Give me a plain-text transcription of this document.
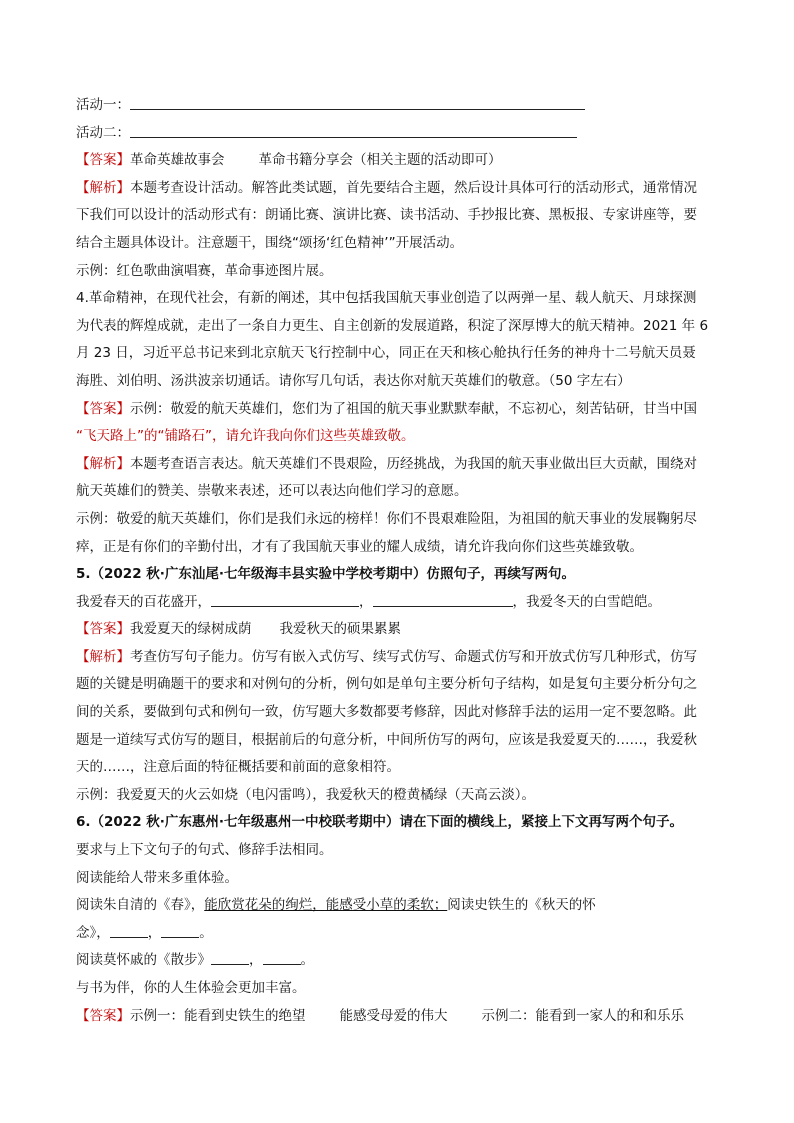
活动一：
活动二：
【答案】革命英雄故事会	革命书籍分享会（相关主题的活动即可）
【解析】本题考查设计活动。解答此类试题，首先要结合主题，然后设计具体可行的活动形式，通常情况
下我们可以设计的活动形式有：朗诵比赛、演讲比赛、读书活动、手抄报比赛、黑板报、专家讲座等，要
结合主题具体设计。注意题干，围绕“颂扬‘红色精神’”开展活动。
示例：红色歌曲演唱赛，革命事迹图片展。
4.革命精神，在现代社会，有新的阐述，其中包括我国航天事业创造了以两弹一星、载人航天、月球探测
为代表的辉煌成就，走出了一条自力更生、自主创新的发展道路，积淀了深厚博大的航天精神。2021 年 6
月 23 日，习近平总书记来到北京航天飞行控制中心，同正在天和核心舱执行任务的神舟十二号航天员聂
海胜、刘伯明、汤洪波亲切通话。请你写几句话，表达你对航天英雄们的敬意。（50 字左右）
【答案】示例：敬爱的航天英雄们，您们为了祖国的航天事业默默奉献，不忘初心，刻苦钻研，甘当中国
“飞天路上”的“铺路石”，请允许我向你们这些英雄致敬。
【解析】本题考查语言表达。航天英雄们不畏艰险，历经挑战，为我国的航天事业做出巨大贡献，围绕对
航天英雄们的赞美、崇敬来表述，还可以表达向他们学习的意愿。
示例：敬爱的航天英雄们，你们是我们永远的榜样！你们不畏艰难险阻，为祖国的航天事业的发展鞠躬尽
瘁，正是有你们的辛勤付出，才有了我国航天事业的耀人成绩，请允许我向你们这些英雄致敬。
5.（2022 秋·广东汕尾·七年级海丰县实验中学校考期中）仿照句子，再续写两句。
我爱春天的百花盛开，	，	，我爱冬天的白雪皑皑。
【答案】我爱夏天的绿树成荫 我爱秋天的硕果累累
【解析】考查仿写句子能力。仿写有嵌入式仿写、续写式仿写、命题式仿写和开放式仿写几种形式，仿写
题的关键是明确题干的要求和对例句的分析，例句如是单句主要分析句子结构，如是复句主要分析分句之
间的关系，要做到句式和例句一致，仿写题大多数都要考修辞，因此对修辞手法的运用一定不要忽略。此
题是一道续写式仿写的题目，根据前后的句意分析，中间所仿写的两句，应该是我爱夏天的……，我爱秋
天的……，注意后面的特征概括要和前面的意象相符。
示例：我爱夏天的火云如烧（电闪雷鸣），我爱秋天的橙黄橘绿（天高云淡）。
6.（2022 秋·广东惠州·七年级惠州一中校联考期中）请在下面的横线上，紧接上下文再写两个句子。
要求与上下文句子的句式、修辞手法相同。
阅读能给人带来多重体验。
阅读朱自清的《春》，能欣赏花朵的绚烂，能感受小草的柔软；阅读史铁生的《秋天的怀
念》，	，	。
阅读莫怀戚的《散步》	，	。
与书为伴，你的人生体验会更加丰富。
【答案】示例一：能看到史铁生的绝望	能感受母爱的伟大	示例二：能看到一家人的和和乐乐
